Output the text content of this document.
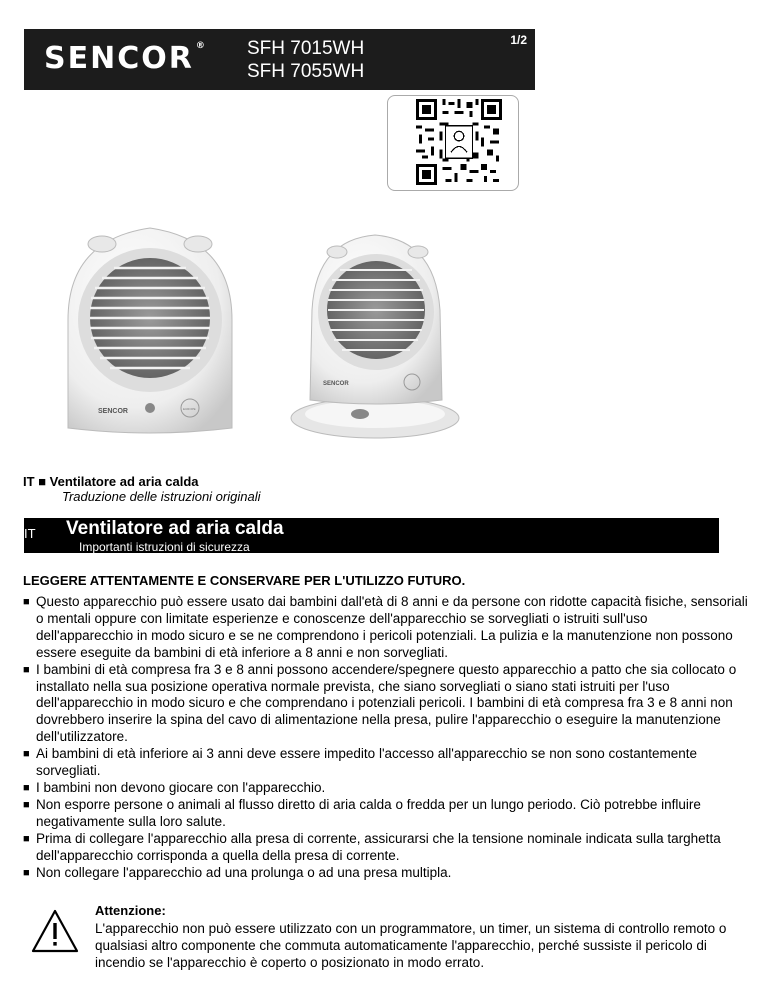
SENCOR ® SFH 7015WH
SFH 7055WH
1/2
SENCOR	EUROPE
SENCOR
IT ■ Ventilatore ad aria calda
Traduzione delle istruzioni originali
IT Ventilatore ad aria calda
Importanti istruzioni di sicurezza
LEGGERE ATTENTAMENTE E CONSERVARE PER L'UTILIZZO FUTURO.
■ Questo apparecchio può essere usato dai bambini dall'età di 8 anni e da persone con ridotte capacità fisiche, sensoriali o mentali oppure con limitate esperienze e conoscenze dell'apparecchio se sorvegliati o istruiti sull'uso dell'apparecchio in modo sicuro e se ne comprendono i pericoli potenziali. La pulizia e la manutenzione non possono essere eseguite da bambini di età inferiore a 8 anni e non sorvegliati.
■ I bambini di età compresa fra 3 e 8 anni possono accendere/spegnere questo apparecchio a patto che sia collocato o installato nella sua posizione operativa normale prevista, che siano sorvegliati o siano stati istruiti per l'uso dell'apparecchio in modo sicuro e che comprendano i potenziali pericoli. I bambini di età compresa fra 3 e 8 anni non dovrebbero inserire la spina del cavo di alimentazione nella presa, pulire l'apparecchio o eseguire la manutenzione dell'utilizzatore.
■ Ai bambini di età inferiore ai 3 anni deve essere impedito l'accesso all'apparecchio se non sono costantemente sorvegliati.
■ I bambini non devono giocare con l'apparecchio.
■ Non esporre persone o animali al flusso diretto di aria calda o fredda per un lungo periodo. Ciò potrebbe influire negativamente sulla loro salute.
■ Prima di collegare l'apparecchio alla presa di corrente, assicurarsi che la tensione nominale indicata sulla targhetta dell'apparecchio corrisponda a quella della presa di corrente.
■ Non collegare l'apparecchio ad una prolunga o ad una presa multipla.
Attenzione:
L'apparecchio non può essere utilizzato con un programmatore, un timer, un sistema di controllo remoto o qualsiasi altro componente che commuta automaticamente l'apparecchio, perché sussiste il pericolo di incendio se l'apparecchio è coperto o posizionato in modo errato.
